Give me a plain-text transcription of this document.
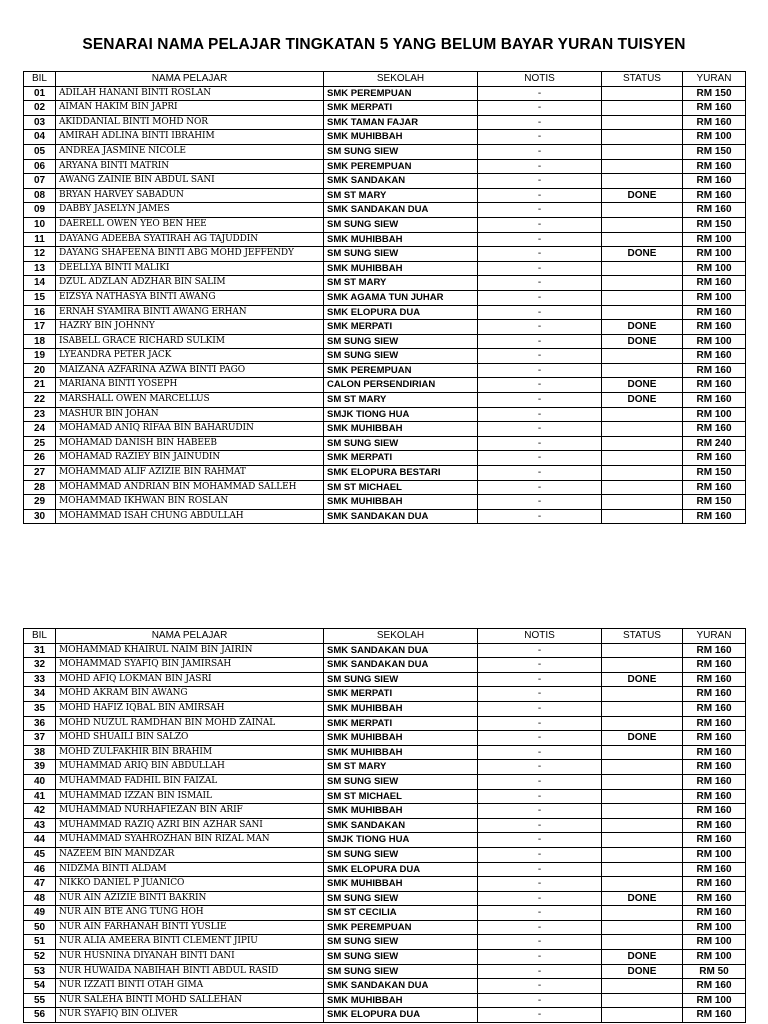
SENARAI NAMA PELAJAR TINGKATAN 5 YANG BELUM BAYAR YURAN TUISYEN
BIL	NAMA PELAJAR	SEKOLAH	NOTIS	STATUS	YURAN
01	ADILAH HANANI BINTI ROSLAN	SMK PEREMPUAN	-		RM 150
02	AIMAN HAKIM BIN JAPRI	SMK MERPATI	-		RM 160
03	AKIDDANIAL BINTI MOHD NOR	SMK TAMAN FAJAR	-		RM 160
04	AMIRAH ADLINA BINTI IBRAHIM	SMK MUHIBBAH	-		RM 100
05	ANDREA JASMINE NICOLE	SM SUNG SIEW	-		RM 150
06	ARYANA BINTI MATRIN	SMK PEREMPUAN	-		RM 160
07	AWANG ZAINIE BIN ABDUL SANI	SMK SANDAKAN	-		RM 160
08	BRYAN HARVEY SABADUN	SM ST MARY	-	DONE	RM 160
09	DABBY JASELYN JAMES	SMK SANDAKAN DUA	-		RM 160
10	DAERELL OWEN YEO BEN HEE	SM SUNG SIEW	-		RM 150
11	DAYANG ADEEBA SYATIRAH AG TAJUDDIN	SMK MUHIBBAH	-		RM 100
12	DAYANG SHAFEENA BINTI ABG MOHD JEFFENDY	SM SUNG SIEW	-	DONE	RM 100
13	DEELLYA BINTI MALIKI	SMK MUHIBBAH	-		RM 100
14	DZUL ADZLAN ADZHAR BIN SALIM	SM ST MARY	-		RM 160
15	EIZSYA NATHASYA BINTI AWANG	SMK AGAMA TUN JUHAR	-		RM 100
16	ERNAH SYAMIRA BINTI AWANG ERHAN	SMK ELOPURA DUA	-		RM 160
17	HAZRY BIN JOHNNY	SMK MERPATI	-	DONE	RM 160
18	ISABELL GRACE RICHARD SULKIM	SM SUNG SIEW	-	DONE	RM 100
19	LYEANDRA PETER JACK	SM SUNG SIEW	-		RM 160
20	MAIZANA AZFARINA AZWA BINTI PAGO	SMK PEREMPUAN	-		RM 160
21	MARIANA BINTI YOSEPH	CALON PERSENDIRIAN	-	DONE	RM 160
22	MARSHALL OWEN MARCELLUS	SM ST MARY	-	DONE	RM 160
23	MASHUR BIN JOHAN	SMJK TIONG HUA	-		RM 100
24	MOHAMAD ANIQ RIFAA BIN BAHARUDIN	SMK MUHIBBAH	-		RM 160
25	MOHAMAD DANISH BIN HABEEB	SM SUNG SIEW	-		RM 240
26	MOHAMAD RAZIEY BIN JAINUDIN	SMK MERPATI	-		RM 160
27	MOHAMMAD ALIF AZIZIE BIN RAHMAT	SMK ELOPURA BESTARI	-		RM 150
28	MOHAMMAD ANDRIAN BIN MOHAMMAD SALLEH	SM ST MICHAEL	-		RM 160
29	MOHAMMAD IKHWAN BIN ROSLAN	SMK MUHIBBAH	-		RM 150
30	MOHAMMAD ISAH CHUNG ABDULLAH	SMK SANDAKAN DUA	-		RM 160
BIL	NAMA PELAJAR	SEKOLAH	NOTIS	STATUS	YURAN
31	MOHAMMAD KHAIRUL NAIM BIN JAIRIN	SMK SANDAKAN DUA	-		RM 160
32	MOHAMMAD SYAFIQ BIN JAMIRSAH	SMK SANDAKAN DUA	-		RM 160
33	MOHD AFIQ LOKMAN BIN JASRI	SM SUNG SIEW	-	DONE	RM 160
34	MOHD AKRAM BIN AWANG	SMK MERPATI	-		RM 160
35	MOHD HAFIZ IQBAL BIN AMIRSAH	SMK MUHIBBAH	-		RM 160
36	MOHD NUZUL RAMDHAN BIN MOHD ZAINAL	SMK MERPATI	-		RM 160
37	MOHD SHUAILI BIN SALZO	SMK MUHIBBAH	-	DONE	RM 160
38	MOHD ZULFAKHIR BIN BRAHIM	SMK MUHIBBAH	-		RM 160
39	MUHAMMAD ARIQ BIN ABDULLAH	SM ST MARY	-		RM 160
40	MUHAMMAD FADHIL BIN FAIZAL	SM SUNG SIEW	-		RM 160
41	MUHAMMAD IZZAN BIN ISMAIL	SM ST MICHAEL	-		RM 160
42	MUHAMMAD NURHAFIEZAN BIN ARIF	SMK MUHIBBAH	-		RM 160
43	MUHAMMAD RAZIQ AZRI BIN AZHAR SANI	SMK SANDAKAN	-		RM 160
44	MUHAMMAD SYAHROZHAN BIN RIZAL MAN	SMJK TIONG HUA	-		RM 160
45	NAZEEM BIN MANDZAR	SM SUNG SIEW	-		RM 100
46	NIDZMA BINTI ALDAM	SMK ELOPURA DUA	-		RM 160
47	NIKKO DANIEL P JUANICO	SMK MUHIBBAH	-		RM 160
48	NUR AIN AZIZIE BINTI BAKRIN	SM SUNG SIEW	-	DONE	RM 160
49	NUR AIN BTE ANG TUNG HOH	SM ST CECILIA	-		RM 160
50	NUR AIN FARHANAH BINTI YUSLIE	SMK PEREMPUAN	-		RM 100
51	NUR ALIA AMEERA BINTI CLEMENT JIPIU	SM SUNG SIEW	-		RM 100
52	NUR HUSNINA DIYANAH BINTI DANI	SM SUNG SIEW	-	DONE	RM 100
53	NUR HUWAIDA NABIHAH BINTI ABDUL RASID	SM SUNG SIEW	-	DONE	RM 50
54	NUR IZZATI BINTI OTAH GIMA	SMK SANDAKAN DUA	-		RM 160
55	NUR SALEHA BINTI MOHD SALLEHAN	SMK MUHIBBAH	-		RM 100
56	NUR SYAFIQ BIN OLIVER	SMK ELOPURA DUA	-		RM 160
